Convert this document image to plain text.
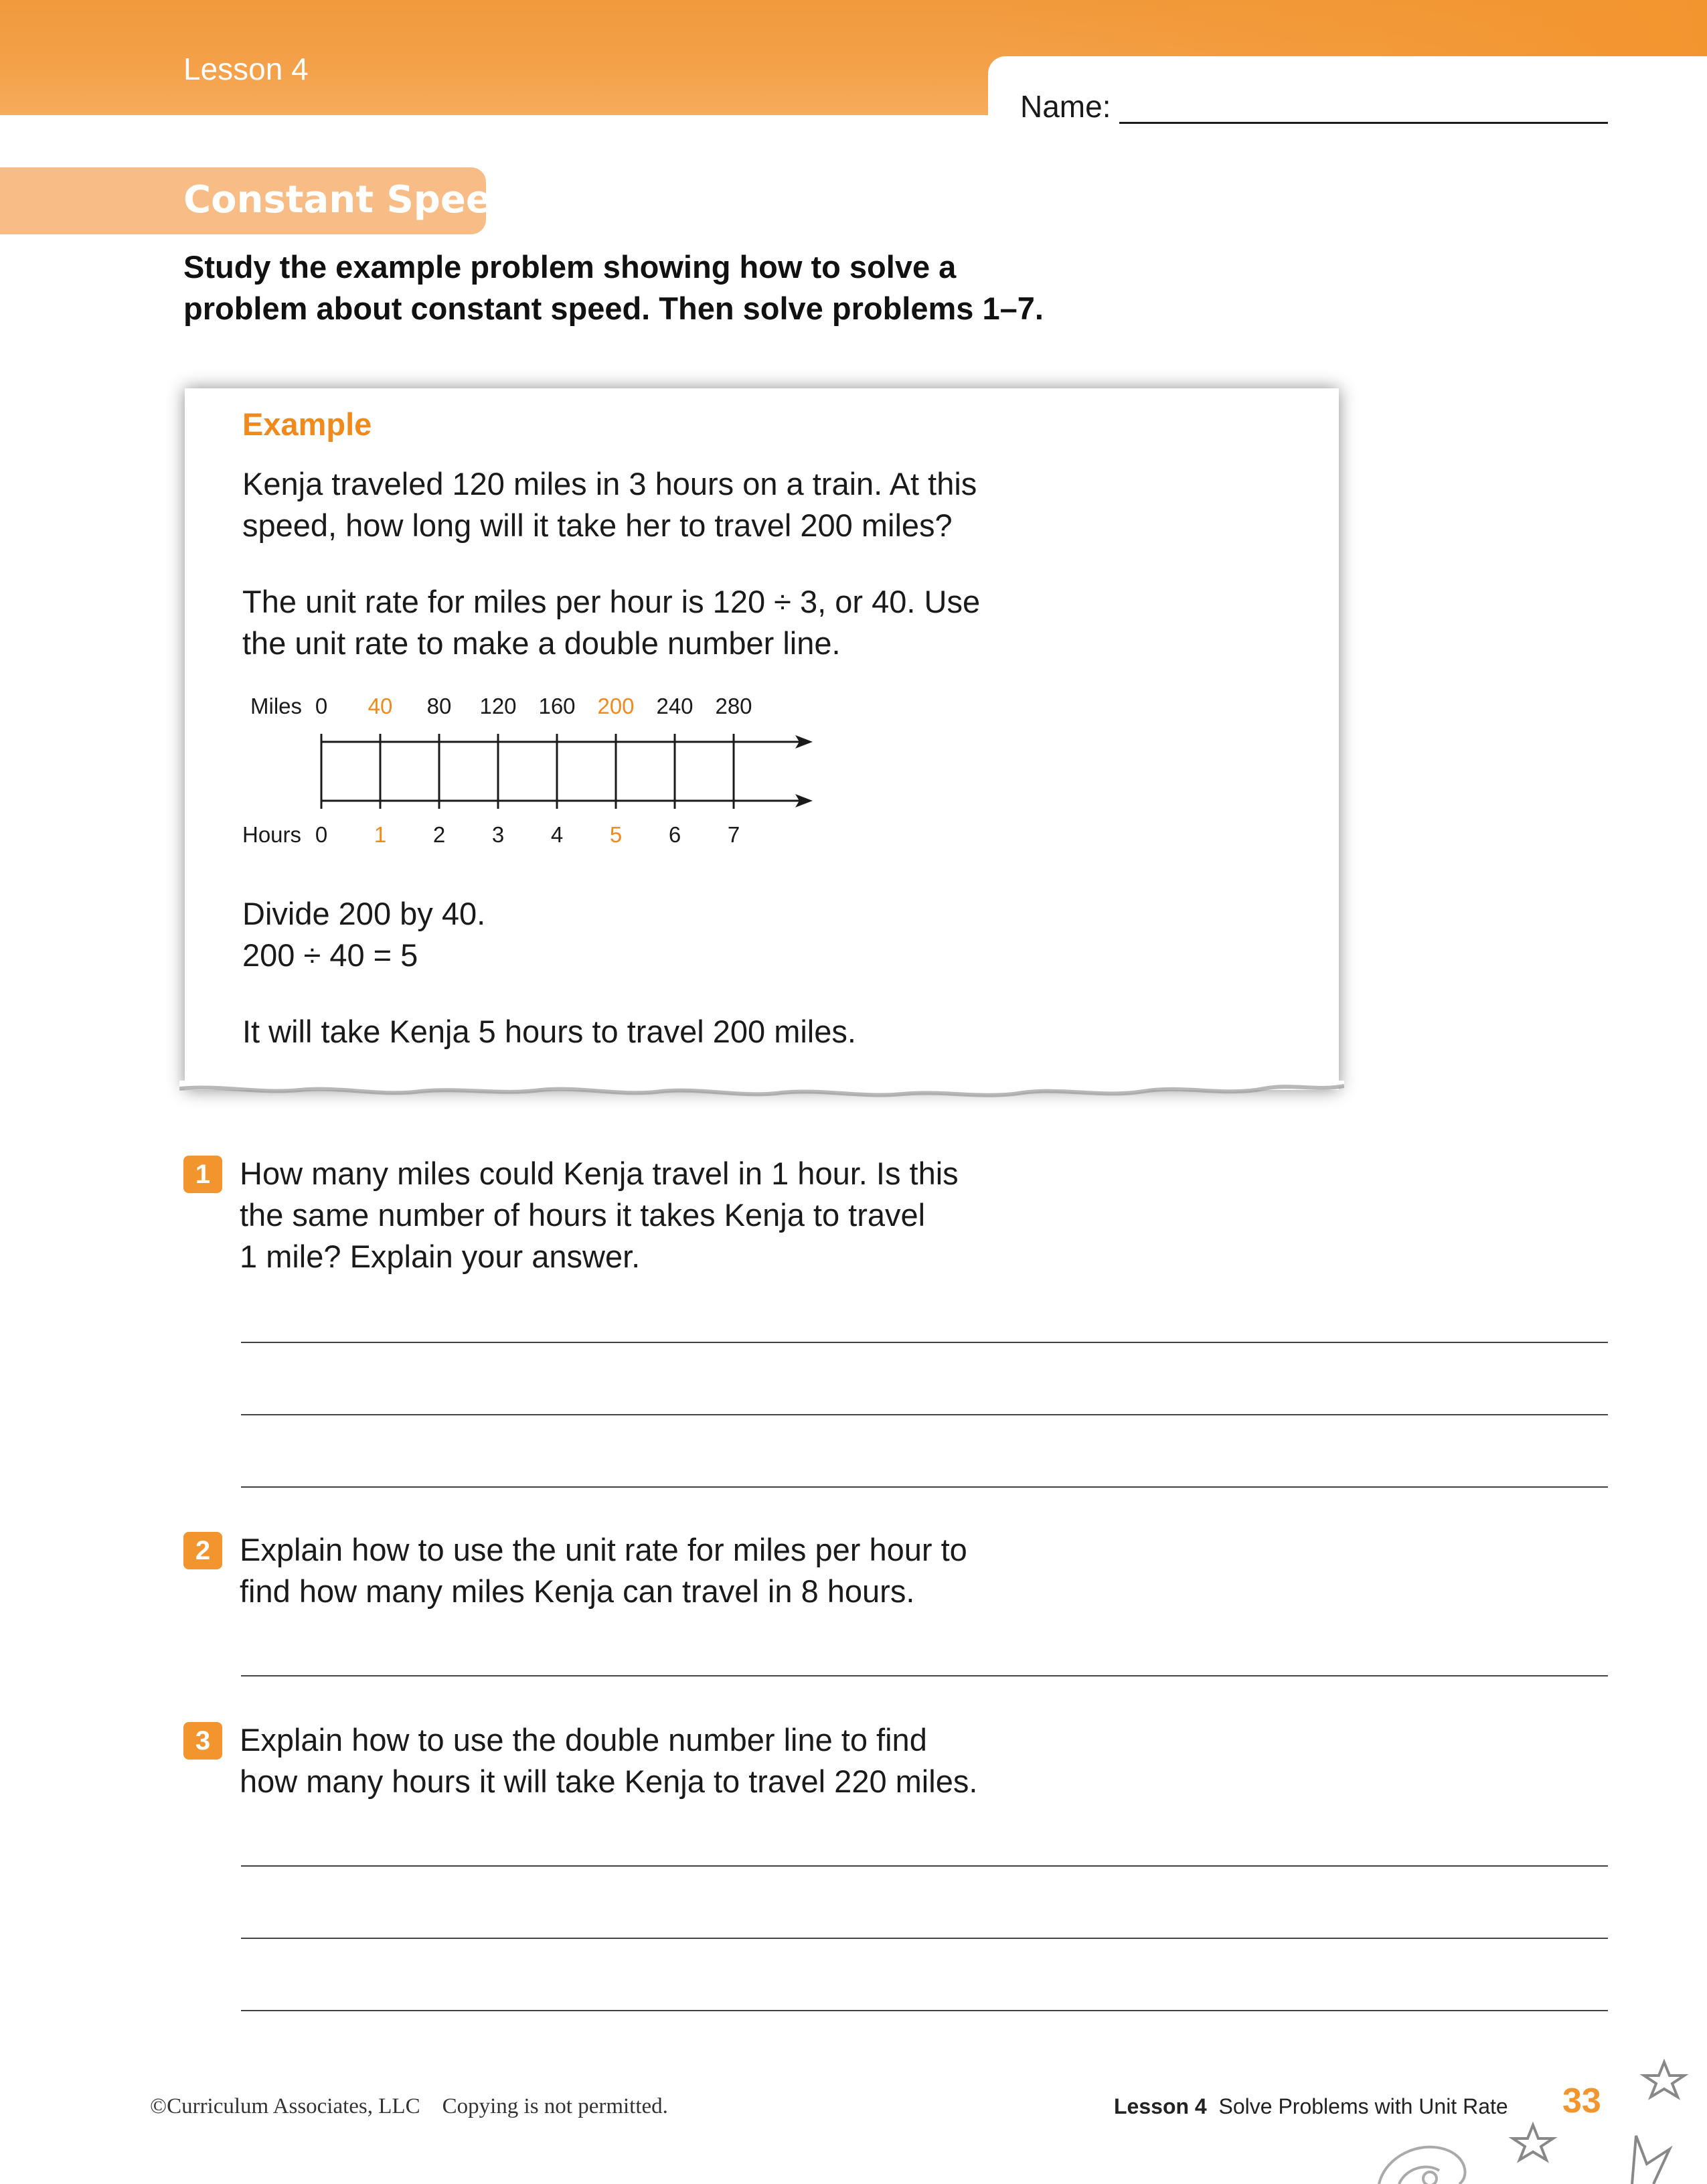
Lesson 4
Name:
Constant Speed
Study the example problem showing how to solve a
problem about constant speed. Then solve problems 1–7.
Example
Kenja traveled 120 miles in 3 hours on a train. At this
speed, how long will it take her to travel 200 miles?
The unit rate for miles per hour is 120 ÷ 3, or 40. Use
the unit rate to make a double number line.
Miles
Hours
0
0
40
1
80
2
120
3
160
4
200
5
240
6
280
7
Divide 200 by 40.
200 ÷ 40 = 5
It will take Kenja 5 hours to travel 200 miles.
1 How many miles could Kenja travel in 1 hour. Is this
the same number of hours it takes Kenja to travel
1 mile? Explain your answer.
2 Explain how to use the unit rate for miles per hour to
find how many miles Kenja can travel in 8 hours.
3 Explain how to use the double number line to find
how many hours it will take Kenja to travel 220 miles.
©Curriculum Associates, LLC    Copying is not permitted.	Lesson 4 Solve Problems with Unit Rate 33
